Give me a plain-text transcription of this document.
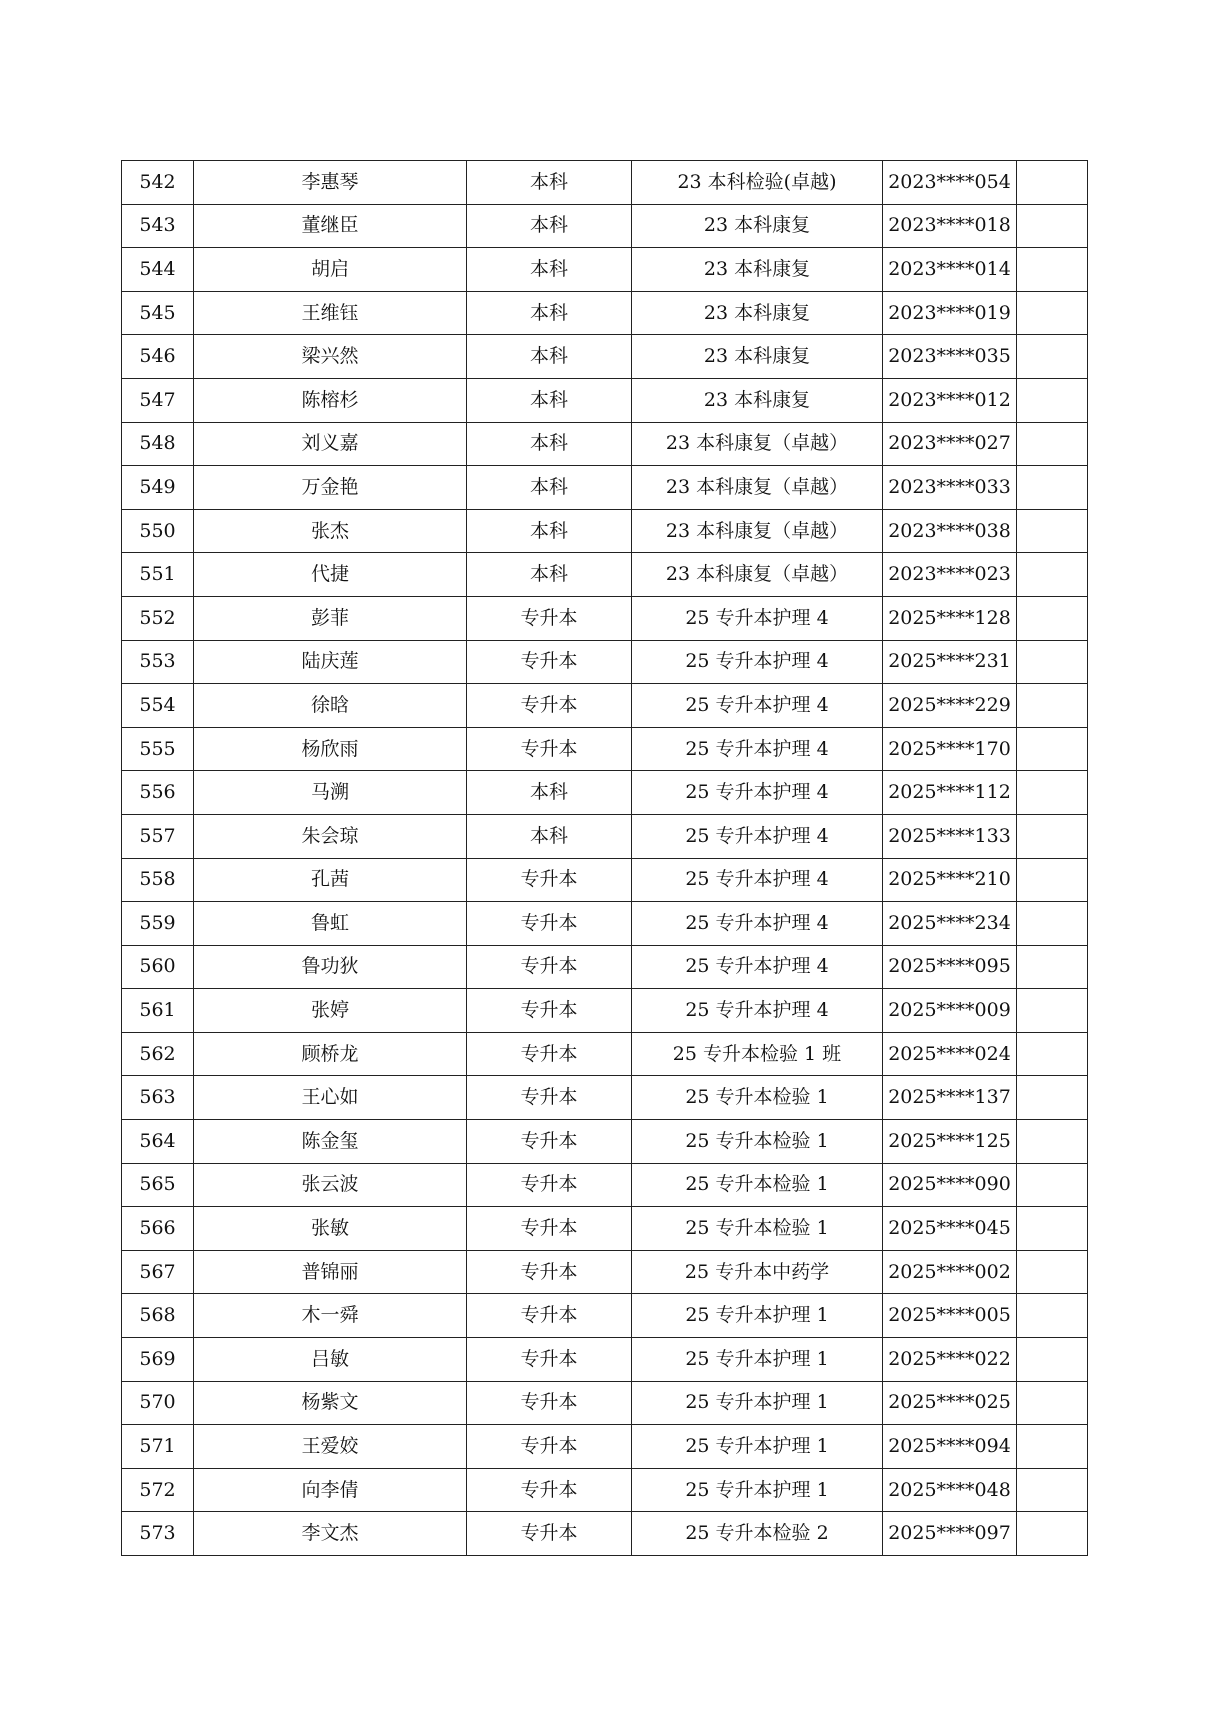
542	李惠琴	本科	23 本科检验(卓越)	2023****054	
543	董继臣	本科	23 本科康复	2023****018	
544	胡启	本科	23 本科康复	2023****014	
545	王维钰	本科	23 本科康复	2023****019	
546	梁兴然	本科	23 本科康复	2023****035	
547	陈榕杉	本科	23 本科康复	2023****012	
548	刘义嘉	本科	23 本科康复（卓越）	2023****027	
549	万金艳	本科	23 本科康复（卓越）	2023****033	
550	张杰	本科	23 本科康复（卓越）	2023****038	
551	代捷	本科	23 本科康复（卓越）	2023****023	
552	彭菲	专升本	25 专升本护理 4	2025****128	
553	陆庆莲	专升本	25 专升本护理 4	2025****231	
554	徐晗	专升本	25 专升本护理 4	2025****229	
555	杨欣雨	专升本	25 专升本护理 4	2025****170	
556	马溯	本科	25 专升本护理 4	2025****112	
557	朱会琼	本科	25 专升本护理 4	2025****133	
558	孔茜	专升本	25 专升本护理 4	2025****210	
559	鲁虹	专升本	25 专升本护理 4	2025****234	
560	鲁功狄	专升本	25 专升本护理 4	2025****095	
561	张婷	专升本	25 专升本护理 4	2025****009	
562	顾桥龙	专升本	25 专升本检验 1 班	2025****024	
563	王心如	专升本	25 专升本检验 1	2025****137	
564	陈金玺	专升本	25 专升本检验 1	2025****125	
565	张云波	专升本	25 专升本检验 1	2025****090	
566	张敏	专升本	25 专升本检验 1	2025****045	
567	普锦丽	专升本	25 专升本中药学	2025****002	
568	木一舜	专升本	25 专升本护理 1	2025****005	
569	吕敏	专升本	25 专升本护理 1	2025****022	
570	杨紫文	专升本	25 专升本护理 1	2025****025	
571	王爱姣	专升本	25 专升本护理 1	2025****094	
572	向李倩	专升本	25 专升本护理 1	2025****048	
573	李文杰	专升本	25 专升本检验 2	2025****097	
